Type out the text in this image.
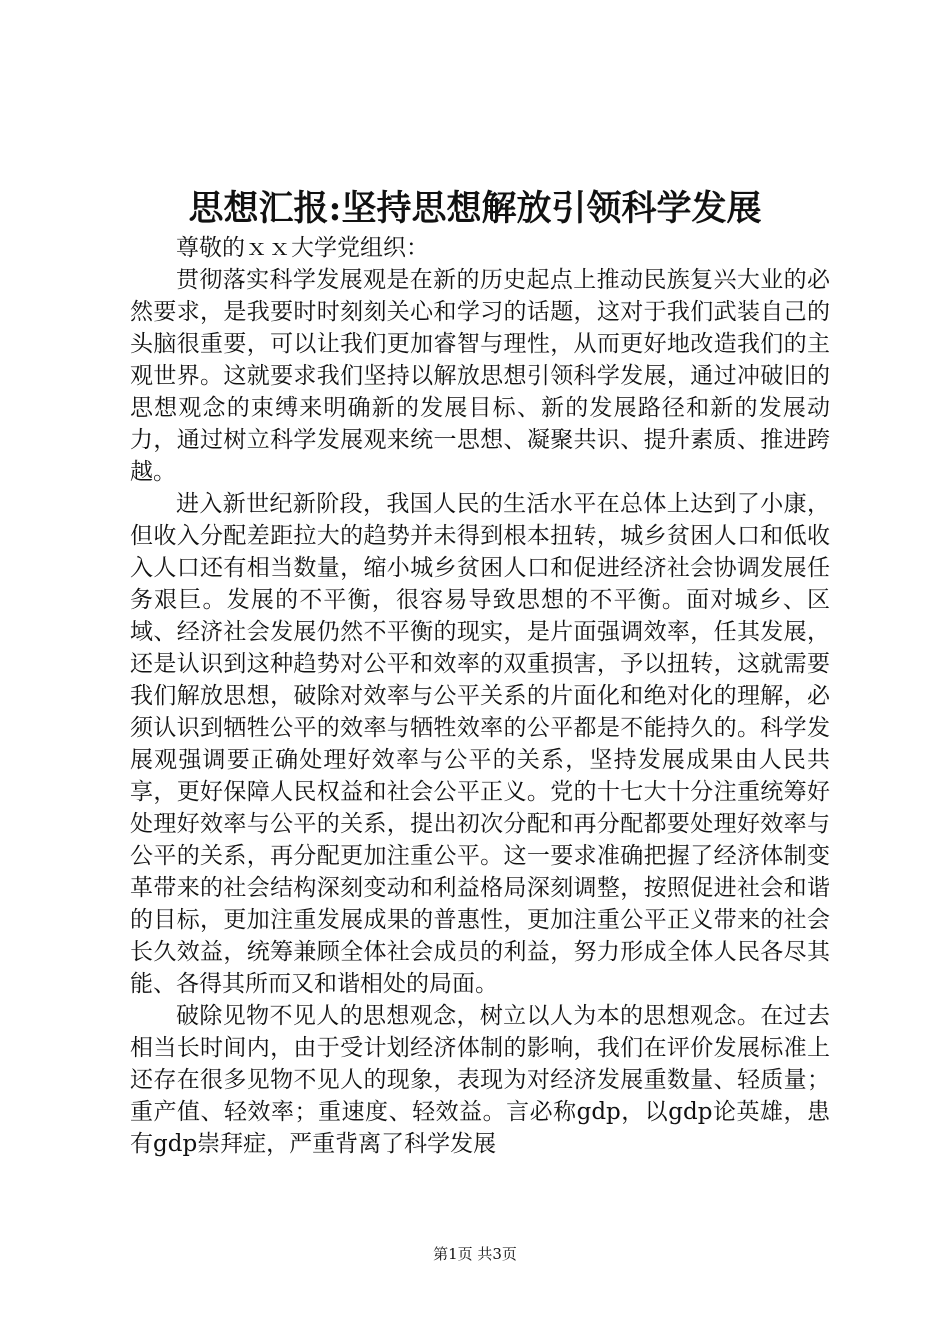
思想汇报:坚持思想解放引领科学发展

尊敬的ｘｘ大学党组织：

贯彻落实科学发展观是在新的历史起点上推动民族复兴大业的必然要求，是我要时时刻刻关心和学习的话题，这对于我们武装自己的头脑很重要，可以让我们更加睿智与理性，从而更好地改造我们的主观世界。这就要求我们坚持以解放思想引领科学发展，通过冲破旧的思想观念的束缚来明确新的发展目标、新的发展路径和新的发展动力，通过树立科学发展观来统一思想、凝聚共识、提升素质、推进跨越。

进入新世纪新阶段，我国人民的生活水平在总体上达到了小康，但收入分配差距拉大的趋势并未得到根本扭转，城乡贫困人口和低收入人口还有相当数量，缩小城乡贫困人口和促进经济社会协调发展任务艰巨。发展的不平衡，很容易导致思想的不平衡。面对城乡、区域、经济社会发展仍然不平衡的现实，是片面强调效率，任其发展，还是认识到这种趋势对公平和效率的双重损害，予以扭转，这就需要我们解放思想，破除对效率与公平关系的片面化和绝对化的理解，必须认识到牺牲公平的效率与牺牲效率的公平都是不能持久的。科学发展观强调要正确处理好效率与公平的关系，坚持发展成果由人民共享，更好保障人民权益和社会公平正义。党的十七大十分注重统筹好处理好效率与公平的关系，提出初次分配和再分配都要处理好效率与公平的关系，再分配更加注重公平。这一要求准确把握了经济体制变革带来的社会结构深刻变动和利益格局深刻调整，按照促进社会和谐的目标，更加注重发展成果的普惠性，更加注重公平正义带来的社会长久效益，统筹兼顾全体社会成员的利益，努力形成全体人民各尽其能、各得其所而又和谐相处的局面。

破除见物不见人的思想观念，树立以人为本的思想观念。在过去相当长时间内，由于受计划经济体制的影响，我们在评价发展标准上还存在很多见物不见人的现象，表现为对经济发展重数量、轻质量；重产值、轻效率；重速度、轻效益。言必称gdp，以gdp论英雄，患有gdp崇拜症，严重背离了科学发展

第1页 共3页
